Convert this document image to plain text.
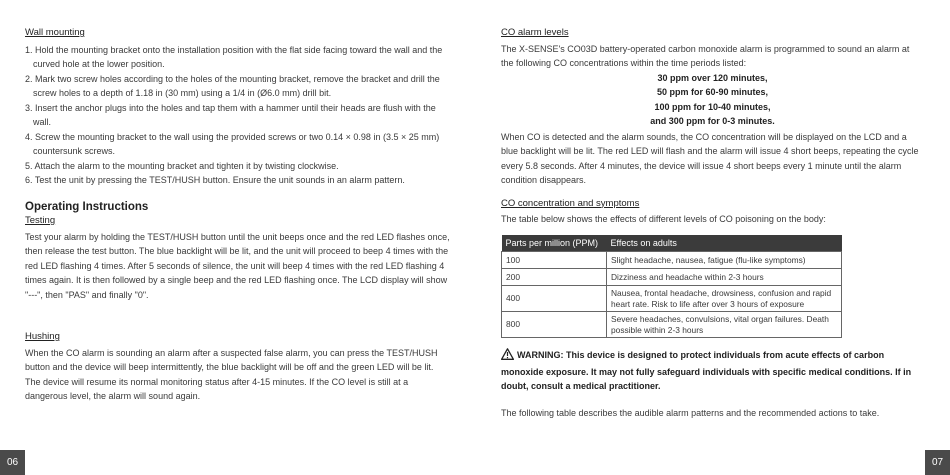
Wall mounting
1. Hold the mounting bracket onto the installation position with the flat side facing toward the wall and the curved hole at the lower position.
2. Mark two screw holes according to the holes of the mounting bracket, remove the bracket and drill the screw holes to a depth of 1.18 in (30 mm) using a 1/4 in (Ø6.0 mm) drill bit.
3. Insert the anchor plugs into the holes and tap them with a hammer until their heads are flush with the wall.
4. Screw the mounting bracket to the wall using the provided screws or two 0.14 × 0.98 in (3.5 × 25 mm) countersunk screws.
5. Attach the alarm to the mounting bracket and tighten it by twisting clockwise.
6. Test the unit by pressing the TEST/HUSH button. Ensure the unit sounds in an alarm pattern.
Operating Instructions
Testing
Test your alarm by holding the TEST/HUSH button until the unit beeps once and the red LED flashes once, then release the test button. The blue backlight will be lit, and the unit will proceed to beep 4 times with the red LED flashing 4 times. After 5 seconds of silence, the unit will beep 4 times with the red LED flashing 4 times again. It is then followed by a single beep and the red LED flashing once. The LCD display will show "---", then "PAS" and finally "0".
Hushing
When the CO alarm is sounding an alarm after a suspected false alarm, you can press the TEST/HUSH button and the device will beep intermittently, the blue backlight will be off and the green LED will be lit. The device will resume its normal monitoring status after 4-15 minutes. If the CO level is still at a dangerous level, the alarm will sound again.
06
CO alarm levels
The X-SENSE's CO03D battery-operated carbon monoxide alarm is programmed to sound an alarm at the following CO concentrations within the time periods listed:
30 ppm over 120 minutes,
50 ppm for 60-90 minutes,
100 ppm for 10-40 minutes,
and 300 ppm for 0-3 minutes.
When CO is detected and the alarm sounds, the CO concentration will be displayed on the LCD and a blue backlight will be lit. The red LED will flash and the alarm will issue 4 short beeps, repeating the cycle every 5.8 seconds. After 4 minutes, the device will issue 4 short beeps every 1 minute until the alarm condition disappears.
CO concentration and symptoms
The table below shows the effects of different levels of CO poisoning on the body:
Parts per million (PPM)	Effects on adults
100	Slight headache, nausea, fatigue (flu-like symptoms)
200	Dizziness and headache within 2-3 hours
400	Nausea, frontal headache, drowsiness, confusion and rapid heart rate. Risk to life after over 3 hours of exposure
800	Severe headaches, convulsions, vital organ failures. Death possible within 2-3 hours
WARNING: This device is designed to protect individuals from acute effects of carbon monoxide exposure. It may not fully safeguard individuals with specific medical conditions. If in doubt, consult a medical practitioner.
The following table describes the audible alarm patterns and the recommended actions to take.
07
